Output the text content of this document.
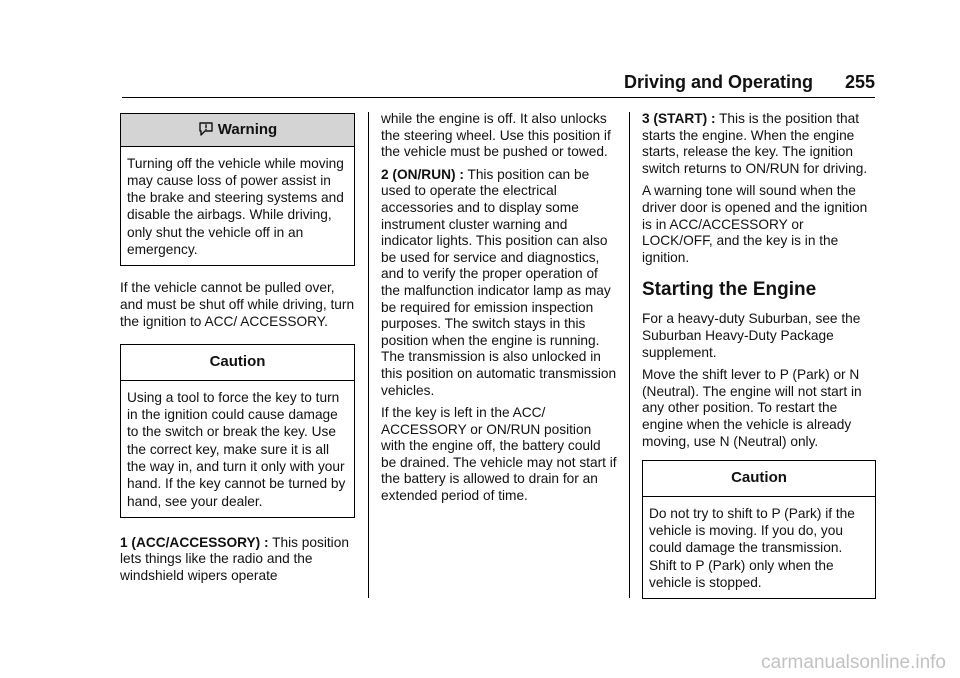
Driving and Operating 255
Warning
Turning off the vehicle while moving may cause loss of power assist in the brake and steering systems and disable the airbags. While driving, only shut the vehicle off in an emergency.

If the vehicle cannot be pulled over, and must be shut off while driving, turn the ignition to ACC/ ACCESSORY.

Caution
Using a tool to force the key to turn in the ignition could cause damage to the switch or break the key. Use the correct key, make sure it is all the way in, and turn it only with your hand. If the key cannot be turned by hand, see your dealer.

1 (ACC/ACCESSORY) : This position lets things like the radio and the windshield wipers operate

while the engine is off. It also unlocks the steering wheel. Use this position if the vehicle must be pushed or towed.

2 (ON/RUN) : This position can be used to operate the electrical accessories and to display some instrument cluster warning and indicator lights. This position can also be used for service and diagnostics, and to verify the proper operation of the malfunction indicator lamp as may be required for emission inspection purposes. The switch stays in this position when the engine is running. The transmission is also unlocked in this position on automatic transmission vehicles.

If the key is left in the ACC/ ACCESSORY or ON/RUN position with the engine off, the battery could be drained. The vehicle may not start if the battery is allowed to drain for an extended period of time.

3 (START) : This is the position that starts the engine. When the engine starts, release the key. The ignition switch returns to ON/RUN for driving.

A warning tone will sound when the driver door is opened and the ignition is in ACC/ACCESSORY or LOCK/OFF, and the key is in the ignition.

Starting the Engine

For a heavy-duty Suburban, see the Suburban Heavy-Duty Package supplement.

Move the shift lever to P (Park) or N (Neutral). The engine will not start in any other position. To restart the engine when the vehicle is already moving, use N (Neutral) only.

Caution
Do not try to shift to P (Park) if the vehicle is moving. If you do, you could damage the transmission. Shift to P (Park) only when the vehicle is stopped.
carmanualsonline.info
